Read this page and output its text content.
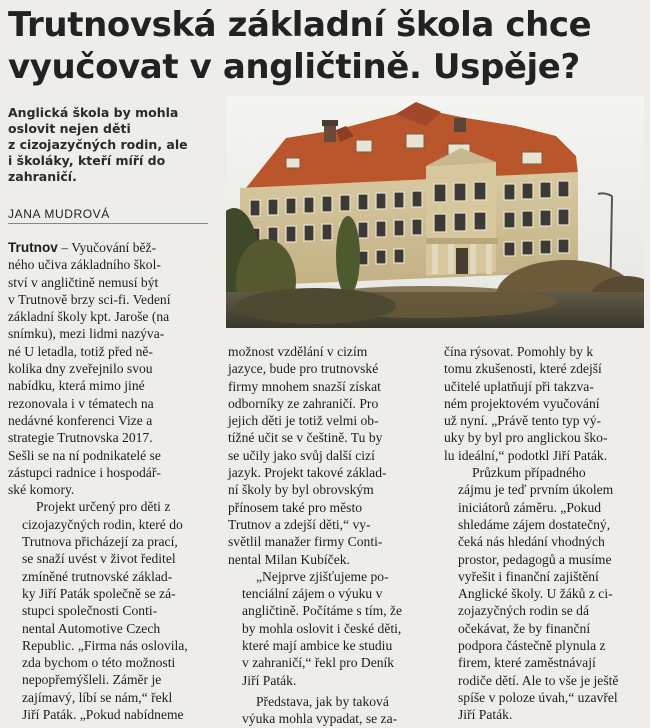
Trutnovská základní škola chce
vyučovat v angličtině. Uspěje?
Anglická škola by mohla
oslovit nejen děti
z cizojazyčných rodin, ale
i školáky, kteří míří do
zahraničí.
JANA MUDROVÁ

Trutnov – Vyučování běž-
ného učiva základního škol-
ství v angličtině nemusí být
v Trutnově brzy sci-fi. Vedení
základní školy kpt. Jaroše (na
snímku), mezi lidmi nazýva-
né U letadla, totiž před ně-
kolika dny zveřejnilo svou
nabídku, která mimo jiné
rezonovala i v tématech na
nedávné konferenci Vize a
strategie Trutnovska 2017.
Sešli se na ní podnikatelé se
zástupci radnice i hospodář-
ské komory.

Projekt určený pro děti z
cizojazyčných rodin, které do
Trutnova přicházejí za prací,
se snaží uvést v život ředitel
zmíněné trutnovské základ-
ky Jiří Paták společně se zá-
stupci společnosti Conti-
nental Automotive Czech
Republic. „Firma nás oslovila,
zda bychom o této možnosti
nepopřemýšleli. Záměr je
zajímavý, líbí se nám,“ řekl
Jiří Paták. „Pokud nabídneme

možnost vzdělání v cizím
jazyce, bude pro trutnovské
firmy mnohem snazší získat
odborníky ze zahraničí. Pro
jejich děti je totiž velmi ob-
tížné učit se v češtině. Tu by
se učily jako svůj další cizí
jazyk. Projekt takové základ-
ní školy by byl obrovským
přínosem také pro město
Trutnov a zdejší děti,“ vy-
světlil manažer firmy Conti-
nental Milan Kubíček.

„Nejprve zjišťujeme po-
tenciální zájem o výuku v
angličtině. Počítáme s tím, že
by mohla oslovit i české děti,
které mají ambice ke studiu
v zahraničí,“ řekl pro Deník
Jiří Paták.

Představa, jak by taková
výuka mohla vypadat, se za-

čína rýsovat. Pomohly by k
tomu zkušenosti, které zdejší
učitelé uplatňují při takzva-
ném projektovém vyučování
už nyní. „Právě tento typ vý-
uky by byl pro anglickou ško-
lu ideální,“ podotkl Jiří Paták.

Průzkum případného
zájmu je teď prvním úkolem
iniciátorů záměru. „Pokud
shledáme zájem dostatečný,
čeká nás hledání vhodných
prostor, pedagogů a musíme
vyřešit i finanční zajištění
Anglické školy. U žáků z ci-
zojazyčných rodin se dá
očekávat, že by finanční
podpora částečně plynula z
firem, které zaměstnávají
rodiče dětí. Ale to vše je ještě
spíše v poloze úvah,“ uzavřel
Jiří Paták.
